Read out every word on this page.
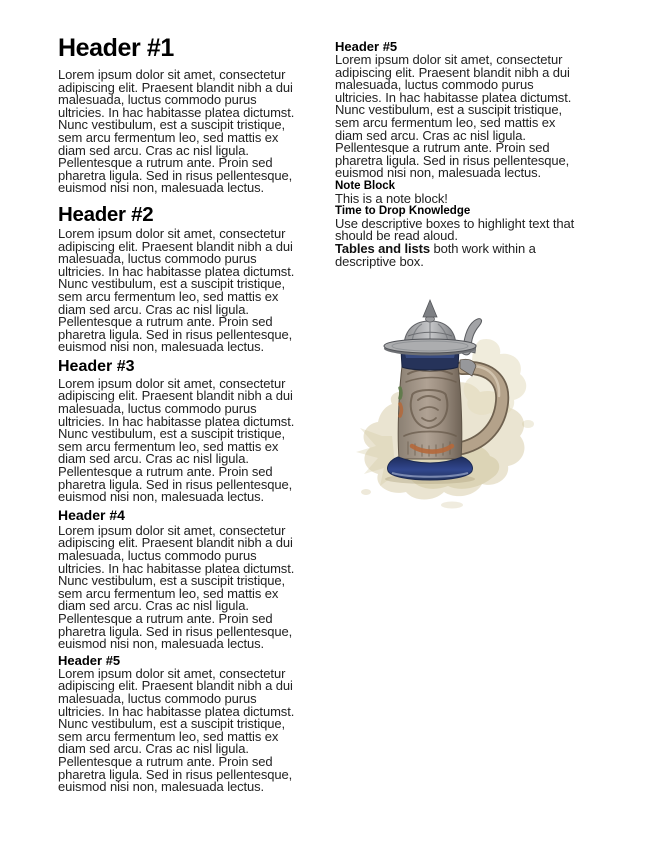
Header #1
Lorem ipsum dolor sit amet, consectetur
adipiscing elit. Praesent blandit nibh a dui
malesuada, luctus commodo purus
ultricies. In hac habitasse platea dictumst.
Nunc vestibulum, est a suscipit tristique,
sem arcu fermentum leo, sed mattis ex
diam sed arcu. Cras ac nisl ligula.
Pellentesque a rutrum ante. Proin sed
pharetra ligula. Sed in risus pellentesque,
euismod nisi non, malesuada lectus.
Header #2
Lorem ipsum dolor sit amet, consectetur
adipiscing elit. Praesent blandit nibh a dui
malesuada, luctus commodo purus
ultricies. In hac habitasse platea dictumst.
Nunc vestibulum, est a suscipit tristique,
sem arcu fermentum leo, sed mattis ex
diam sed arcu. Cras ac nisl ligula.
Pellentesque a rutrum ante. Proin sed
pharetra ligula. Sed in risus pellentesque,
euismod nisi non, malesuada lectus.
Header #3
Lorem ipsum dolor sit amet, consectetur
adipiscing elit. Praesent blandit nibh a dui
malesuada, luctus commodo purus
ultricies. In hac habitasse platea dictumst.
Nunc vestibulum, est a suscipit tristique,
sem arcu fermentum leo, sed mattis ex
diam sed arcu. Cras ac nisl ligula.
Pellentesque a rutrum ante. Proin sed
pharetra ligula. Sed in risus pellentesque,
euismod nisi non, malesuada lectus.
Header #4
Lorem ipsum dolor sit amet, consectetur
adipiscing elit. Praesent blandit nibh a dui
malesuada, luctus commodo purus
ultricies. In hac habitasse platea dictumst.
Nunc vestibulum, est a suscipit tristique,
sem arcu fermentum leo, sed mattis ex
diam sed arcu. Cras ac nisl ligula.
Pellentesque a rutrum ante. Proin sed
pharetra ligula. Sed in risus pellentesque,
euismod nisi non, malesuada lectus.
Header #5
Lorem ipsum dolor sit amet, consectetur
adipiscing elit. Praesent blandit nibh a dui
malesuada, luctus commodo purus
ultricies. In hac habitasse platea dictumst.
Nunc vestibulum, est a suscipit tristique,
sem arcu fermentum leo, sed mattis ex
diam sed arcu. Cras ac nisl ligula.
Pellentesque a rutrum ante. Proin sed
pharetra ligula. Sed in risus pellentesque,
euismod nisi non, malesuada lectus.
Header #5
Lorem ipsum dolor sit amet, consectetur
adipiscing elit. Praesent blandit nibh a dui
malesuada, luctus commodo purus
ultricies. In hac habitasse platea dictumst.
Nunc vestibulum, est a suscipit tristique,
sem arcu fermentum leo, sed mattis ex
diam sed arcu. Cras ac nisl ligula.
Pellentesque a rutrum ante. Proin sed
pharetra ligula. Sed in risus pellentesque,
euismod nisi non, malesuada lectus.
Note Block
This is a note block!
Time to Drop Knowledge
Use descriptive boxes to highlight text that
should be read aloud.
Tables and lists both work within a
descriptive box.
